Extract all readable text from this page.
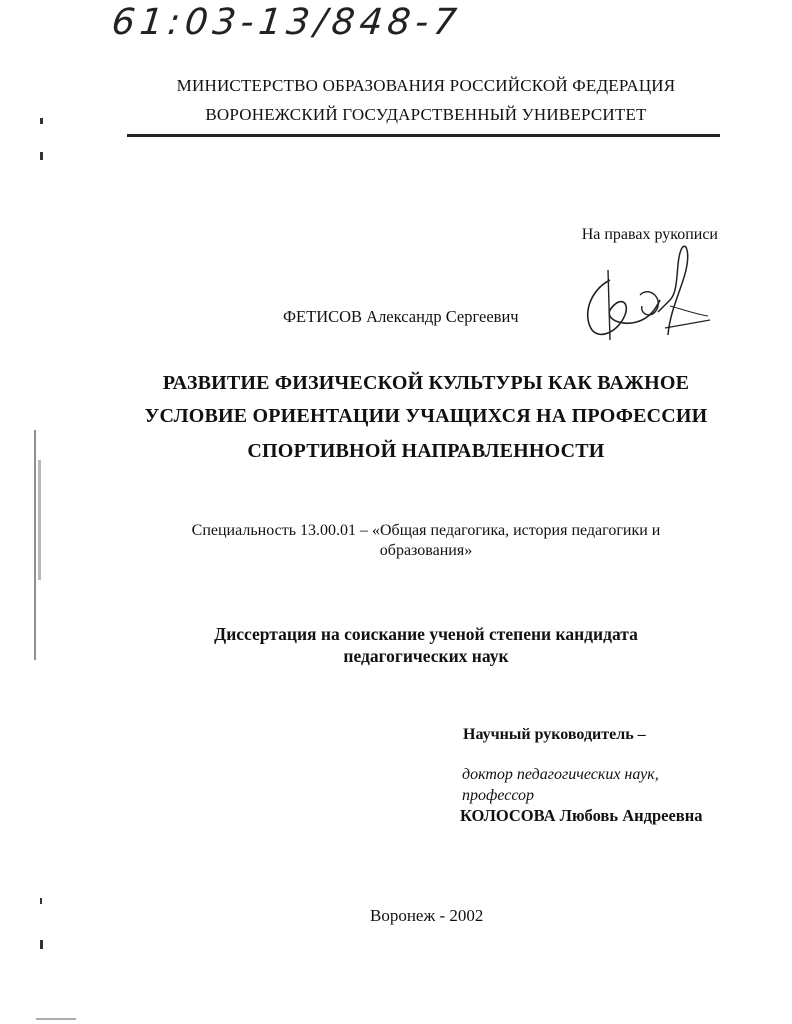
61:03-13/848-7
МИНИСТЕРСТВО ОБРАЗОВАНИЯ РОССИЙСКОЙ ФЕДЕРАЦИЯ
ВОРОНЕЖСКИЙ ГОСУДАРСТВЕННЫЙ УНИВЕРСИТЕТ
На правах рукописи
ФЕТИСОВ Александр Сергеевич
РАЗВИТИЕ ФИЗИЧЕСКОЙ КУЛЬТУРЫ КАК ВАЖНОЕ
УСЛОВИЕ ОРИЕНТАЦИИ УЧАЩИХСЯ НА ПРОФЕССИИ
СПОРТИВНОЙ НАПРАВЛЕННОСТИ
Специальность 13.00.01 – «Общая педагогика, история педагогики и
образования»
Диссертация на соискание ученой степени кандидата
педагогических наук
Научный руководитель –
доктор педагогических наук,
профессор
КОЛОСОВА Любовь Андреевна
Воронеж - 2002
